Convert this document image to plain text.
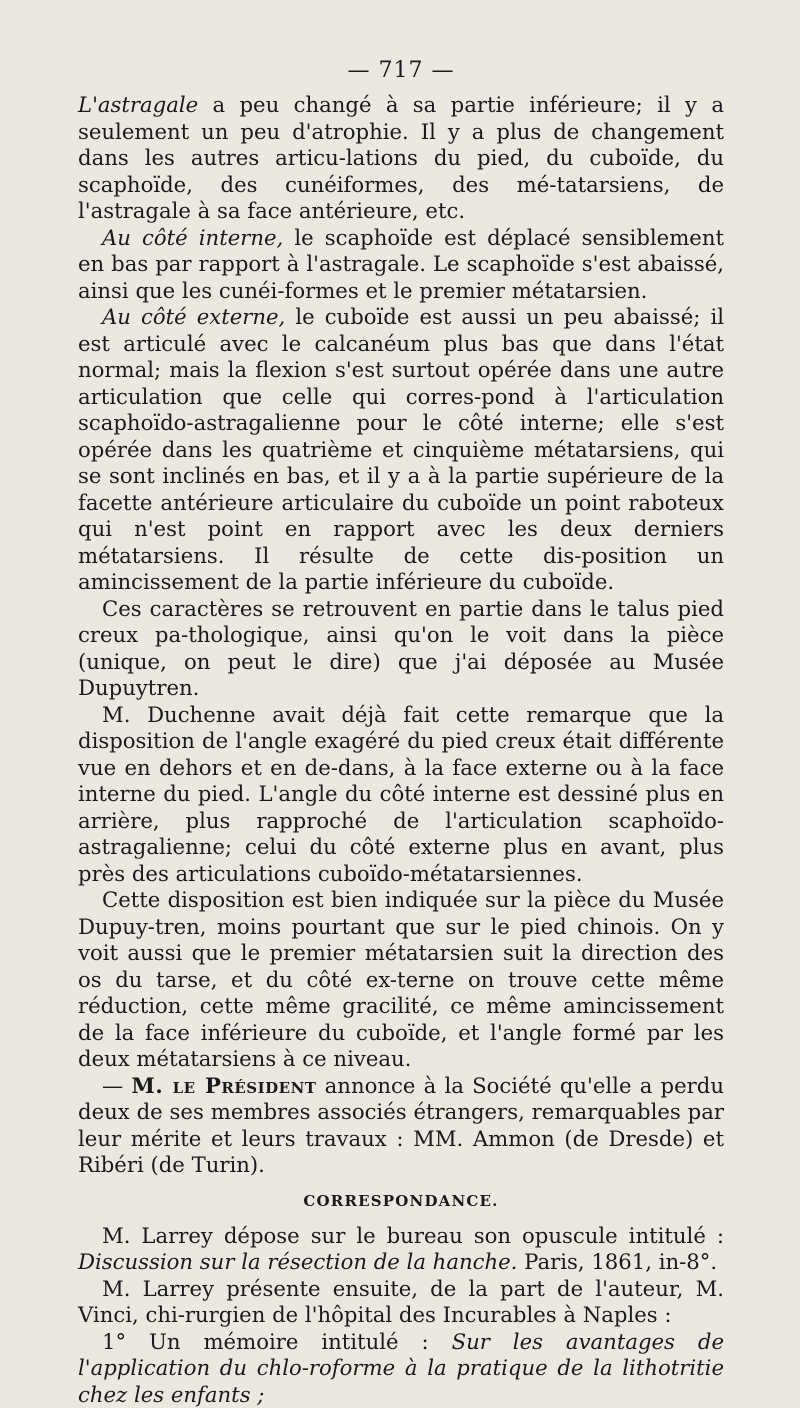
— 717 —

L'astragale a peu changé à sa partie inférieure; il y a seulement un peu d'atrophie. Il y a plus de changement dans les autres articu-lations du pied, du cuboïde, du scaphoïde, des cunéiformes, des mé-tatarsiens, de l'astragale à sa face antérieure, etc.

Au côté interne, le scaphoïde est déplacé sensiblement en bas par rapport à l'astragale. Le scaphoïde s'est abaissé, ainsi que les cunéi-formes et le premier métatarsien.

Au côté externe, le cuboïde est aussi un peu abaissé; il est articulé avec le calcanéum plus bas que dans l'état normal; mais la flexion s'est surtout opérée dans une autre articulation que celle qui corres-pond à l'articulation scaphoïdo-astragalienne pour le côté interne; elle s'est opérée dans les quatrième et cinquième métatarsiens, qui se sont inclinés en bas, et il y a à la partie supérieure de la facette antérieure articulaire du cuboïde un point raboteux qui n'est point en rapport avec les deux derniers métatarsiens. Il résulte de cette dis-position un amincissement de la partie inférieure du cuboïde.

Ces caractères se retrouvent en partie dans le talus pied creux pa-thologique, ainsi qu'on le voit dans la pièce (unique, on peut le dire) que j'ai déposée au Musée Dupuytren.

M. Duchenne avait déjà fait cette remarque que la disposition de l'angle exagéré du pied creux était différente vue en dehors et en de-dans, à la face externe ou à la face interne du pied. L'angle du côté interne est dessiné plus en arrière, plus rapproché de l'articulation scaphoïdo-astragalienne; celui du côté externe plus en avant, plus près des articulations cuboïdo-métatarsiennes.

Cette disposition est bien indiquée sur la pièce du Musée Dupuy-tren, moins pourtant que sur le pied chinois. On y voit aussi que le premier métatarsien suit la direction des os du tarse, et du côté ex-terne on trouve cette même réduction, cette même gracilité, ce même amincissement de la face inférieure du cuboïde, et l'angle formé par les deux métatarsiens à ce niveau.

— M. le Président annonce à la Société qu'elle a perdu deux de ses membres associés étrangers, remarquables par leur mérite et leurs travaux : MM. Ammon (de Dresde) et Ribéri (de Turin).

CORRESPONDANCE.

M. Larrey dépose sur le bureau son opuscule intitulé : Discussion sur la résection de la hanche. Paris, 1861, in-8°.

M. Larrey présente ensuite, de la part de l'auteur, M. Vinci, chi-rurgien de l'hôpital des Incurables à Naples :

1° Un mémoire intitulé : Sur les avantages de l'application du chlo-roforme à la pratique de la lithotritie chez les enfants ;
